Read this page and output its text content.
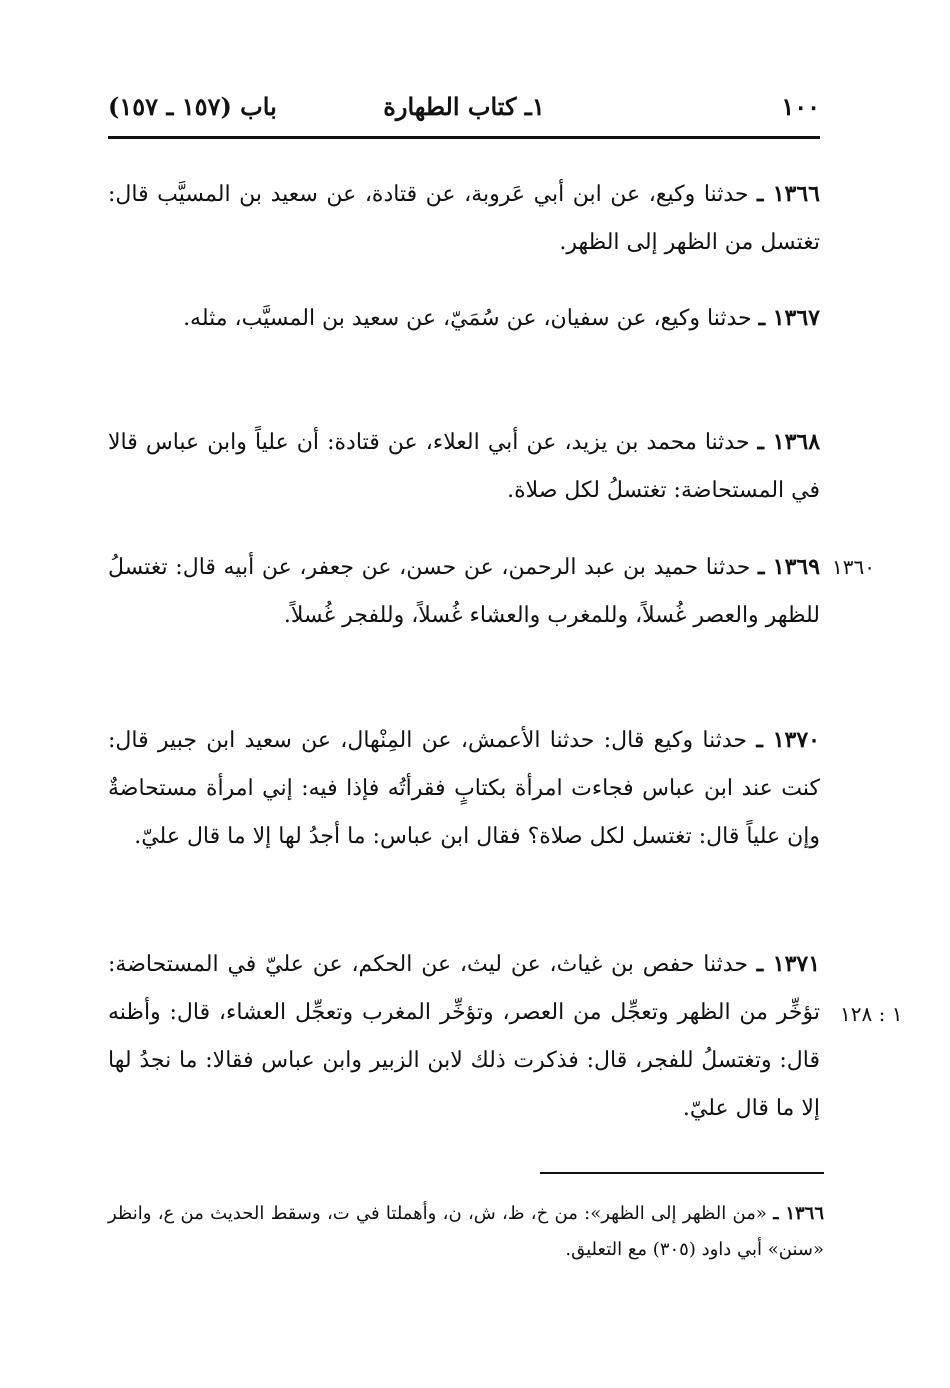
١٠٠
١ـ كتاب الطهارة
باب (١٥٧ ـ ١٥٧)
١٣٦٦ ـ حدثنا وكيع، عن ابن أبي عَروبة، عن قتادة، عن سعيد بن المسيَّب قال: تغتسل من الظهر إلى الظهر.
١٣٦٧ ـ حدثنا وكيع، عن سفيان، عن سُمَيّ، عن سعيد بن المسيَّب، مثله.
١٣٦٨ ـ حدثنا محمد بن يزيد، عن أبي العلاء، عن قتادة: أن علياً وابن عباس قالا في المستحاضة: تغتسلُ لكل صلاة.
١٣٦٠
١٣٦٩ ـ حدثنا حميد بن عبد الرحمن، عن حسن، عن جعفر، عن أبيه قال: تغتسلُ للظهر والعصر غُسلاً، وللمغرب والعشاء غُسلاً، وللفجر غُسلاً.
١٣٧٠ ـ حدثنا وكيع قال: حدثنا الأعمش، عن المِنْهال، عن سعيد ابن جبير قال: كنت عند ابن عباس فجاءت امرأة بكتابٍ فقرأتُه فإذا فيه: إني امرأة مستحاضةٌ وإن علياً قال: تغتسل لكل صلاة؟ فقال ابن عباس: ما أجدُ لها إلا ما قال عليّ.
١ : ١٢٨
١٣٧١ ـ حدثنا حفص بن غياث، عن ليث، عن الحكم، عن عليّ في المستحاضة: تؤخِّر من الظهر وتعجِّل من العصر، وتؤخِّر المغرب وتعجِّل العشاء، قال: وأظنه قال: وتغتسلُ للفجر، قال: فذكرت ذلك لابن الزبير وابن عباس فقالا: ما نجدُ لها إلا ما قال عليّ.
١٣٦٦ ـ «من الظهر إلى الظهر»: من خ، ظ، ش، ن، وأهملتا في ت، وسقط الحديث من ع، وانظر «سنن» أبي داود (٣٠٥) مع التعليق.
